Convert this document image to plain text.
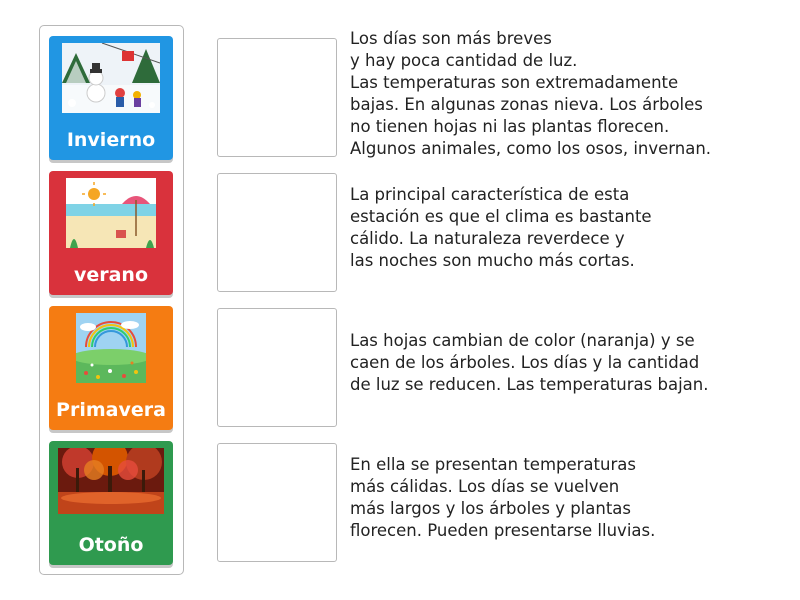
Invierno
verano
Primavera
Otoño
Los días son más breves
y hay poca cantidad de luz.
Las temperaturas son extremadamente
bajas. En algunas zonas nieva. Los árboles
no tienen hojas ni las plantas florecen.
Algunos animales, como los osos, invernan.
La principal característica de esta
estación es que el clima es bastante
cálido. La naturaleza reverdece y
las noches son mucho más cortas.
Las hojas cambian de color (naranja) y se
caen de los árboles. Los días y la cantidad
de luz se reducen. Las temperaturas bajan.
En ella se presentan temperaturas
más cálidas. Los días se vuelven
más largos y los árboles y plantas
florecen. Pueden presentarse lluvias.
